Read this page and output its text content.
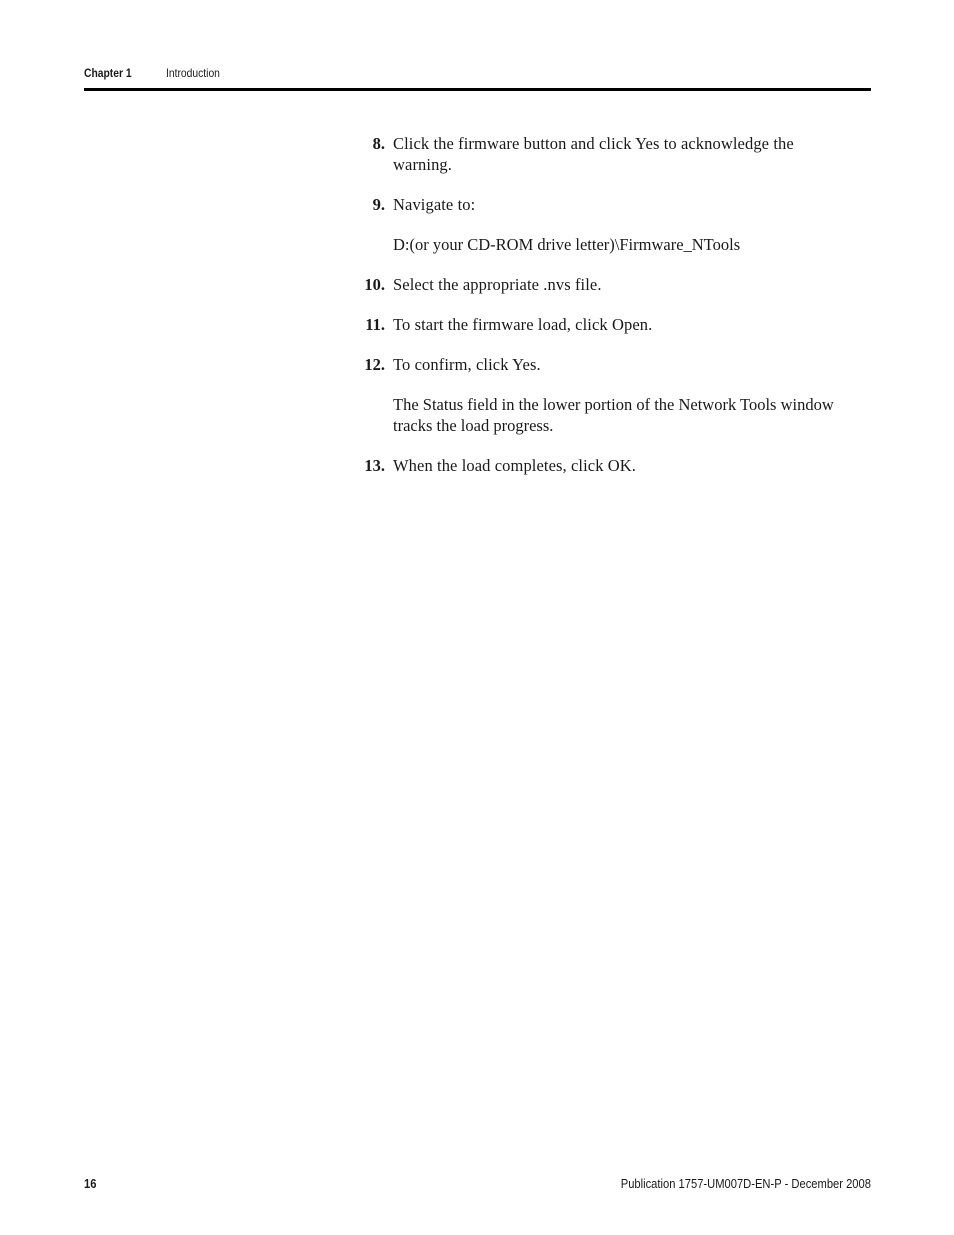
Chapter 1	Introduction
8. Click the firmware button and click Yes to acknowledge the warning.
9. Navigate to:
D:(or your CD-ROM drive letter)\Firmware_NTools
10. Select the appropriate .nvs file.
11. To start the firmware load, click Open.
12. To confirm, click Yes.
The Status field in the lower portion of the Network Tools window tracks the load progress.
13. When the load completes, click OK.
16	Publication 1757-UM007D-EN-P - December 2008
